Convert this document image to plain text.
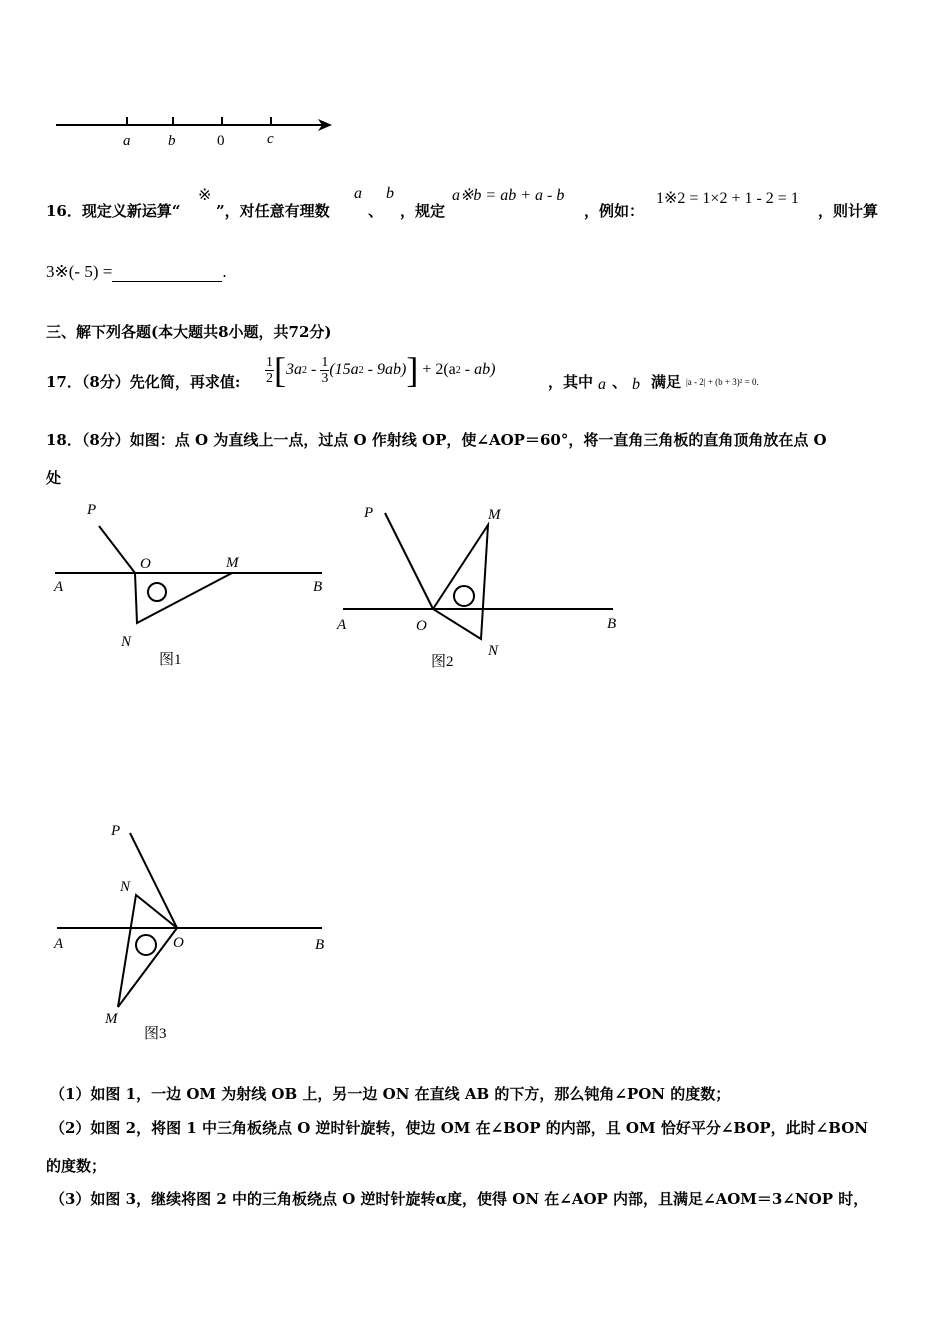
a	b	0	c
16．现定义新运算“
※
”，对任意有理数
a
、
b
，规定
a※b = ab + a - b
，例如：
1※2 = 1×2 + 1 - 2 = 1
，则计算
3※(- 5) =	.
三、解下列各题(本大题共8小题，共72分)
17．（8分）先化简，再求值: $\frac{1}{2}$ [ 3a $2 - \frac{1}{3} (15a$ 2 - 9ab) ] + 2(a 2 - ab)
，其中 a 、 b 满足 |a - 2| + (b + 3)² = 0.
18．（8分）如图：点 O 为直线上一点，过点 O 作射线 OP，使∠AOP＝60°，将一直角三角板的直角顶角放在点 O
处
P
O	M
A	B
N
图1
P	M
A	O	B
N
图2
P
N
A	O	B
M
图3
（1）如图 1，一边 OM 为射线 OB 上，另一边 ON 在直线 AB 的下方，那么钝角∠PON 的度数；
（2）如图 2，将图 1 中三角板绕点 O 逆时针旋转，使边 OM 在∠BOP 的内部，且 OM 恰好平分∠BOP，此时∠BON
的度数；
（3）如图 3，继续将图 2 中的三角板绕点 O 逆时针旋转α度，使得 ON 在∠AOP 内部，且满足∠AOM＝3∠NOP 时，
